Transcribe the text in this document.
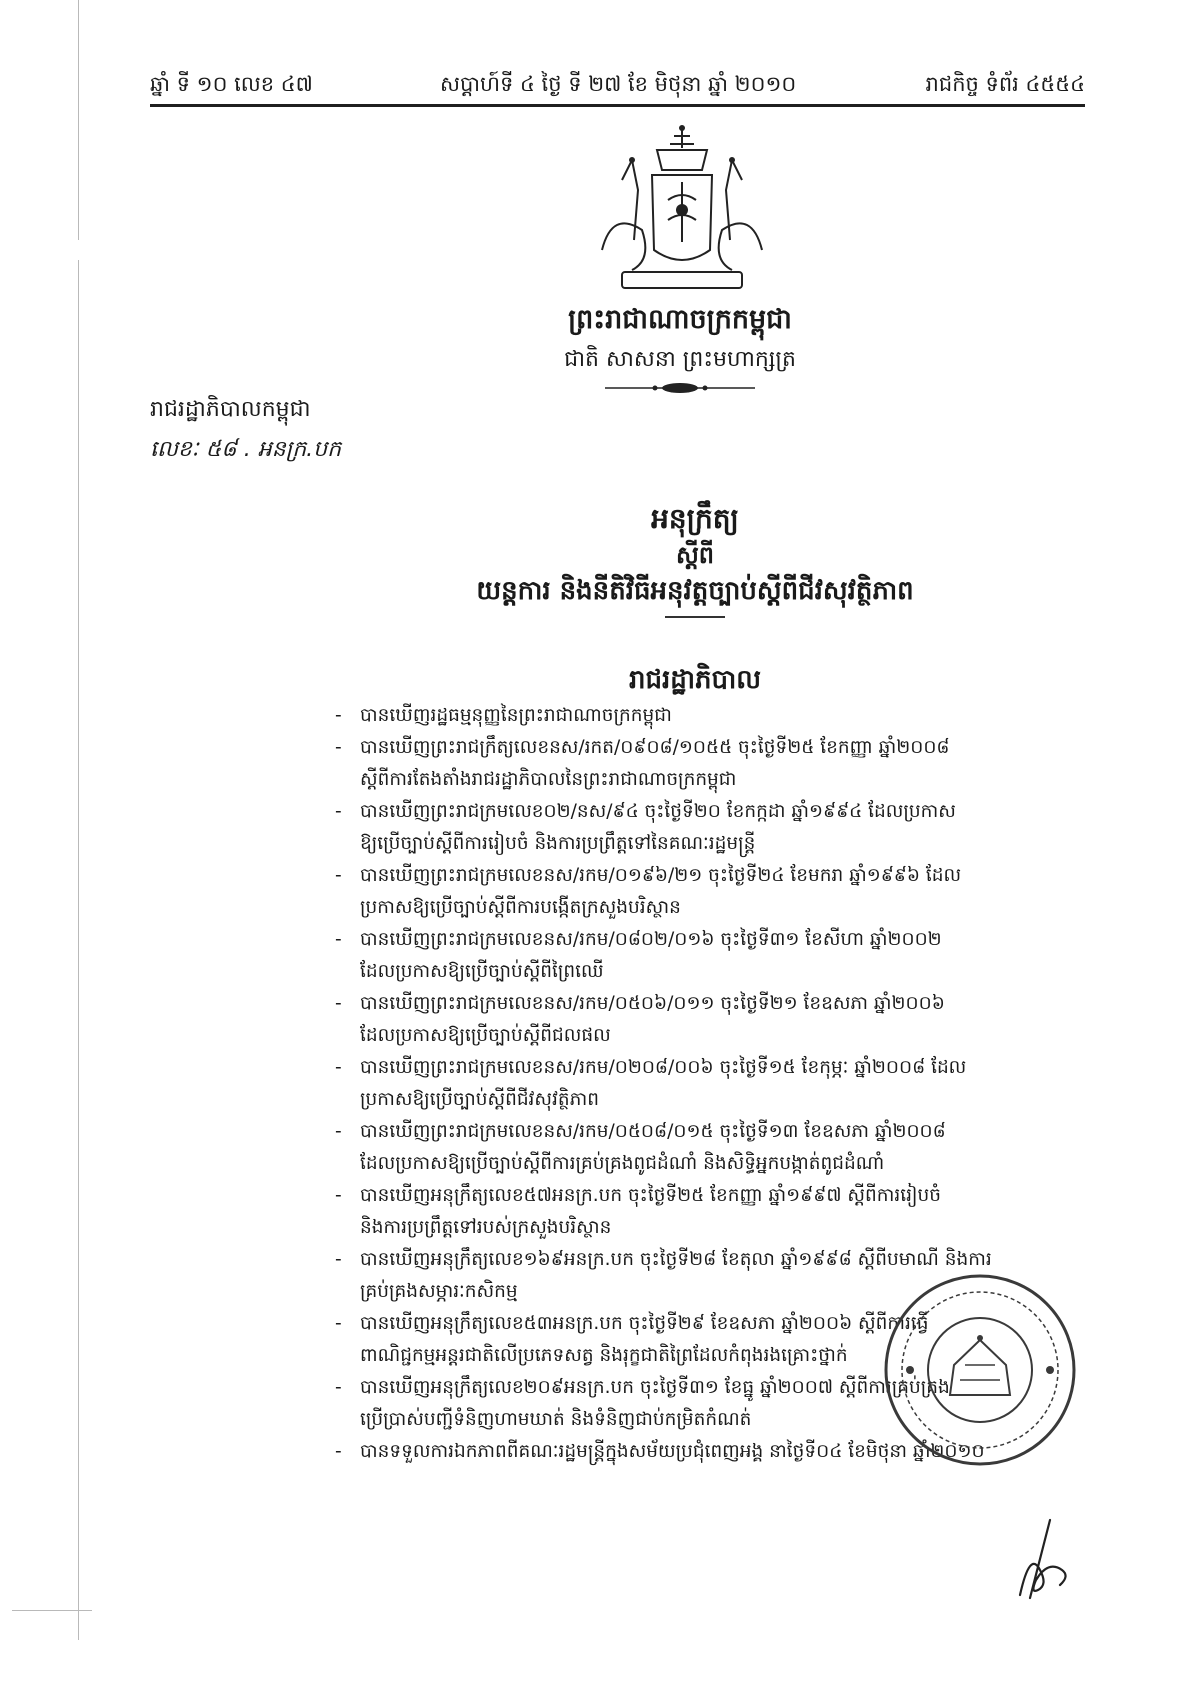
ឆ្នាំ ទី ១០ លេខ ៤៧	សប្តាហ៍ទី ៤ ថ្ងៃ ទី ២៧ ខែ មិថុនា ឆ្នាំ ២០១០	រាជកិច្ច ទំព័រ ៤៥៥៤
ព្រះរាជាណាចក្រកម្ពុជា
ជាតិ សាសនា ព្រះមហាក្សត្រ
រាជរដ្ឋាភិបាលកម្ពុជា
លេខៈ ៥៨ . អនក្រ.បក
អនុក្រឹត្យ
ស្តីពី
យន្តការ និងនីតិវិធីអនុវត្តច្បាប់ស្តីពីជីវសុវត្ថិភាព
រាជរដ្ឋាភិបាល
- បានឃើញរដ្ឋធម្មនុញ្ញនៃព្រះរាជាណាចក្រកម្ពុជា
- បានឃើញព្រះរាជក្រឹត្យលេខនស/រកត/០៩០៨/១០៥៥ ចុះថ្ងៃទី២៥ ខែកញ្ញា ឆ្នាំ២០០៨
ស្តីពីការតែងតាំងរាជរដ្ឋាភិបាលនៃព្រះរាជាណាចក្រកម្ពុជា
- បានឃើញព្រះរាជក្រមលេខ០២/នស/៩៤ ចុះថ្ងៃទី២០ ខែកក្កដា ឆ្នាំ១៩៩៤ ដែលប្រកាស
ឱ្យប្រើច្បាប់ស្តីពីការរៀបចំ និងការប្រព្រឹត្តទៅនៃគណៈរដ្ឋមន្ត្រី
- បានឃើញព្រះរាជក្រមលេខនស/រកម/០១៩៦/២១ ចុះថ្ងៃទី២៤ ខែមករា ឆ្នាំ១៩៩៦ ដែល
ប្រកាសឱ្យប្រើច្បាប់ស្តីពីការបង្កើតក្រសួងបរិស្ថាន
- បានឃើញព្រះរាជក្រមលេខនស/រកម/០៨០២/០១៦ ចុះថ្ងៃទី៣១ ខែសីហា ឆ្នាំ២០០២
ដែលប្រកាសឱ្យប្រើច្បាប់ស្តីពីព្រៃឈើ
- បានឃើញព្រះរាជក្រមលេខនស/រកម/០៥០៦/០១១ ចុះថ្ងៃទី២១ ខែឧសភា ឆ្នាំ២០០៦
ដែលប្រកាសឱ្យប្រើច្បាប់ស្តីពីជលផល
- បានឃើញព្រះរាជក្រមលេខនស/រកម/០២០៨/០០៦ ចុះថ្ងៃទី១៥ ខែកុម្ភៈ ឆ្នាំ២០០៨ ដែល
ប្រកាសឱ្យប្រើច្បាប់ស្តីពីជីវសុវត្ថិភាព
- បានឃើញព្រះរាជក្រមលេខនស/រកម/០៥០៨/០១៥ ចុះថ្ងៃទី១៣ ខែឧសភា ឆ្នាំ២០០៨
ដែលប្រកាសឱ្យប្រើច្បាប់ស្តីពីការគ្រប់គ្រងពូជដំណាំ និងសិទ្ធិអ្នកបង្កាត់ពូជដំណាំ
- បានឃើញអនុក្រឹត្យលេខ៥៧អនក្រ.បក ចុះថ្ងៃទី២៥ ខែកញ្ញា ឆ្នាំ១៩៩៧ ស្តីពីការរៀបចំ
និងការប្រព្រឹត្តទៅរបស់ក្រសួងបរិស្ថាន
- បានឃើញអនុក្រឹត្យលេខ១៦៩អនក្រ.បក ចុះថ្ងៃទី២៨ ខែតុលា ឆ្នាំ១៩៩៨ ស្តីពីបមាណី និងការ
គ្រប់គ្រងសម្ភារៈកសិកម្ម
- បានឃើញអនុក្រឹត្យលេខ៥៣អនក្រ.បក ចុះថ្ងៃទី២៩ ខែឧសភា ឆ្នាំ២០០៦ ស្តីពីការធ្វើ
ពាណិជ្ជកម្មអន្តរជាតិលើប្រភេទសត្វ និងរុក្ខជាតិព្រៃដែលកំពុងរងគ្រោះថ្នាក់
- បានឃើញអនុក្រឹត្យលេខ២០៩អនក្រ.បក ចុះថ្ងៃទី៣១ ខែធ្នូ ឆ្នាំ២០០៧ ស្តីពីការគ្រប់គ្រង
ប្រើប្រាស់បញ្ជីទំនិញហាមឃាត់ និងទំនិញជាប់កម្រិតកំណត់
- បានទទួលការឯកភាពពីគណៈរដ្ឋមន្ត្រីក្នុងសម័យប្រជុំពេញអង្គ នាថ្ងៃទី០៤ ខែមិថុនា ឆ្នាំ២០១០
